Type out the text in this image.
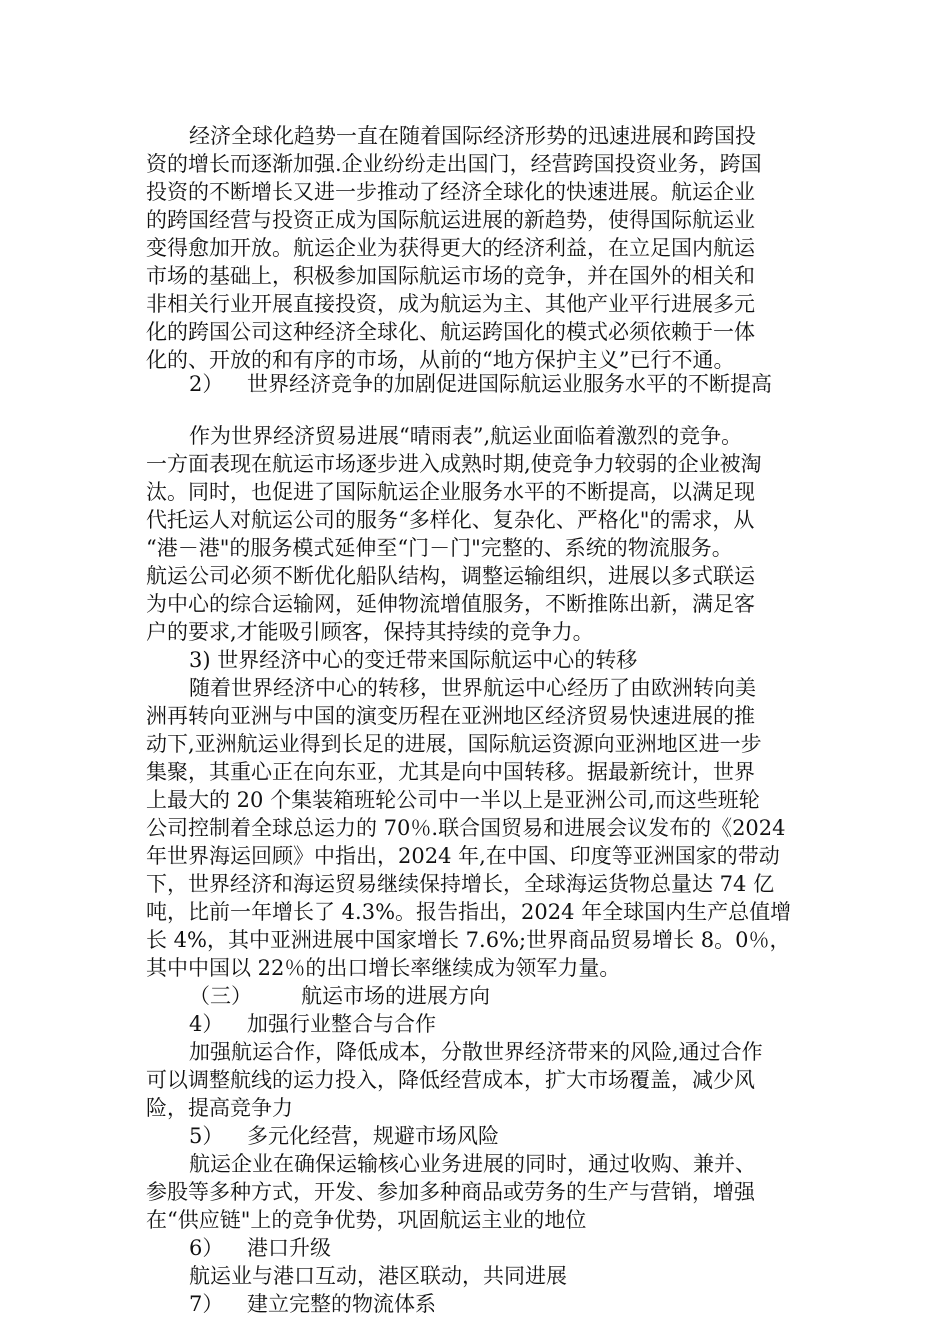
经济全球化趋势一直在随着国际经济形势的迅速进展和跨国投
资的增长而逐渐加强.企业纷纷走出国门，经营跨国投资业务，跨国
投资的不断增长又进一步推动了经济全球化的快速进展。航运企业
的跨国经营与投资正成为国际航运进展的新趋势，使得国际航运业
变得愈加开放。航运企业为获得更大的经济利益，在立足国内航运
市场的基础上，积极参加国际航运市场的竞争，并在国外的相关和
非相关行业开展直接投资，成为航运为主、其他产业平行进展多元
化的跨国公司这种经济全球化、航运跨国化的模式必须依赖于一体
化的、开放的和有序的市场，从前的“地方保护主义”已行不通。
2） 世界经济竞争的加剧促进国际航运业服务水平的不断提高
作为世界经济贸易进展“晴雨表”,航运业面临着激烈的竞争。
一方面表现在航运市场逐步进入成熟时期,使竞争力较弱的企业被淘
汰。同时，也促进了国际航运企业服务水平的不断提高，以满足现
代托运人对航运公司的服务“多样化、复杂化、严格化"的需求，从
“港－港"的服务模式延伸至“门－门"完整的、系统的物流服务。
航运公司必须不断优化船队结构，调整运输组织，进展以多式联运
为中心的综合运输网，延伸物流增值服务，不断推陈出新，满足客
户的要求,才能吸引顾客，保持其持续的竞争力。
3) 世界经济中心的变迁带来国际航运中心的转移
随着世界经济中心的转移，世界航运中心经历了由欧洲转向美
洲再转向亚洲与中国的演变历程在亚洲地区经济贸易快速进展的推
动下,亚洲航运业得到长足的进展，国际航运资源向亚洲地区进一步
集聚，其重心正在向东亚，尤其是向中国转移。据最新统计，世界
上最大的 20 个集装箱班轮公司中一半以上是亚洲公司,而这些班轮
公司控制着全球总运力的 70％.联合国贸易和进展会议发布的《2024
年世界海运回顾》中指出，2024 年,在中国、印度等亚洲国家的带动
下，世界经济和海运贸易继续保持增长，全球海运货物总量达 74 亿
吨，比前一年增长了 4.3%。报告指出，2024 年全球国内生产总值增
长 4%，其中亚洲进展中国家增长 7.6%;世界商品贸易增长 8。0％，
其中中国以 22％的出口增长率继续成为领军力量。
（三） 航运市场的进展方向
4） 加强行业整合与合作
加强航运合作，降低成本，分散世界经济带来的风险,通过合作
可以调整航线的运力投入，降低经营成本，扩大市场覆盖，减少风
险，提高竞争力
5） 多元化经营，规避市场风险
航运企业在确保运输核心业务进展的同时，通过收购、兼并、
参股等多种方式，开发、参加多种商品或劳务的生产与营销，增强
在“供应链"上的竞争优势，巩固航运主业的地位
6） 港口升级
航运业与港口互动，港区联动，共同进展
7） 建立完整的物流体系
